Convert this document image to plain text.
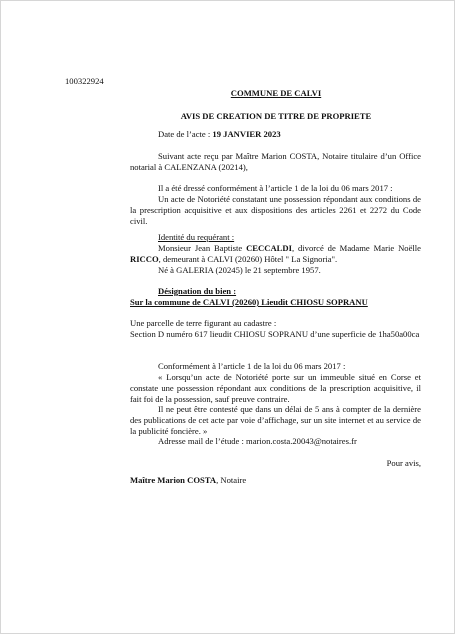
100322924
COMMUNE DE CALVI
AVIS DE CREATION DE TITRE DE PROPRIETE
Date de l’acte : 19 JANVIER 2023
Suivant acte reçu par Maître Marion COSTA, Notaire titulaire d’un Office notarial à CALENZANA (20214),
Il a été dressé conformément à l’article 1 de la loi du 06 mars 2017 :
Un acte de Notoriété constatant une possession répondant aux conditions de la prescription acquisitive et aux dispositions des articles 2261 et 2272 du Code civil.
Identité du requérant :
Monsieur Jean Baptiste CECCALDI, divorcé de Madame Marie Noëlle RICCO, demeurant à CALVI (20260) Hôtel " La Signoria".
Né à GALERIA (20245) le 21 septembre 1957.
Désignation du bien :
Sur la commune de CALVI (20260) Lieudit CHIOSU SOPRANU
Une parcelle de terre figurant au cadastre :
Section D numéro 617 lieudit CHIOSU SOPRANU d’une superficie de 1ha50a00ca
Conformément à l’article 1 de la loi du 06 mars 2017 :
« Lorsqu’un acte de Notoriété porte sur un immeuble situé en Corse et constate une possession répondant aux conditions de la prescription acquisitive, il fait foi de la possession, sauf preuve contraire.
Il ne peut être contesté que dans un délai de 5 ans à compter de la dernière des publications de cet acte par voie d’affichage, sur un site internet et au service de la publicité foncière. »
Adresse mail de l’étude : marion.costa.20043@notaires.fr
Pour avis,
Maître Marion COSTA, Notaire
